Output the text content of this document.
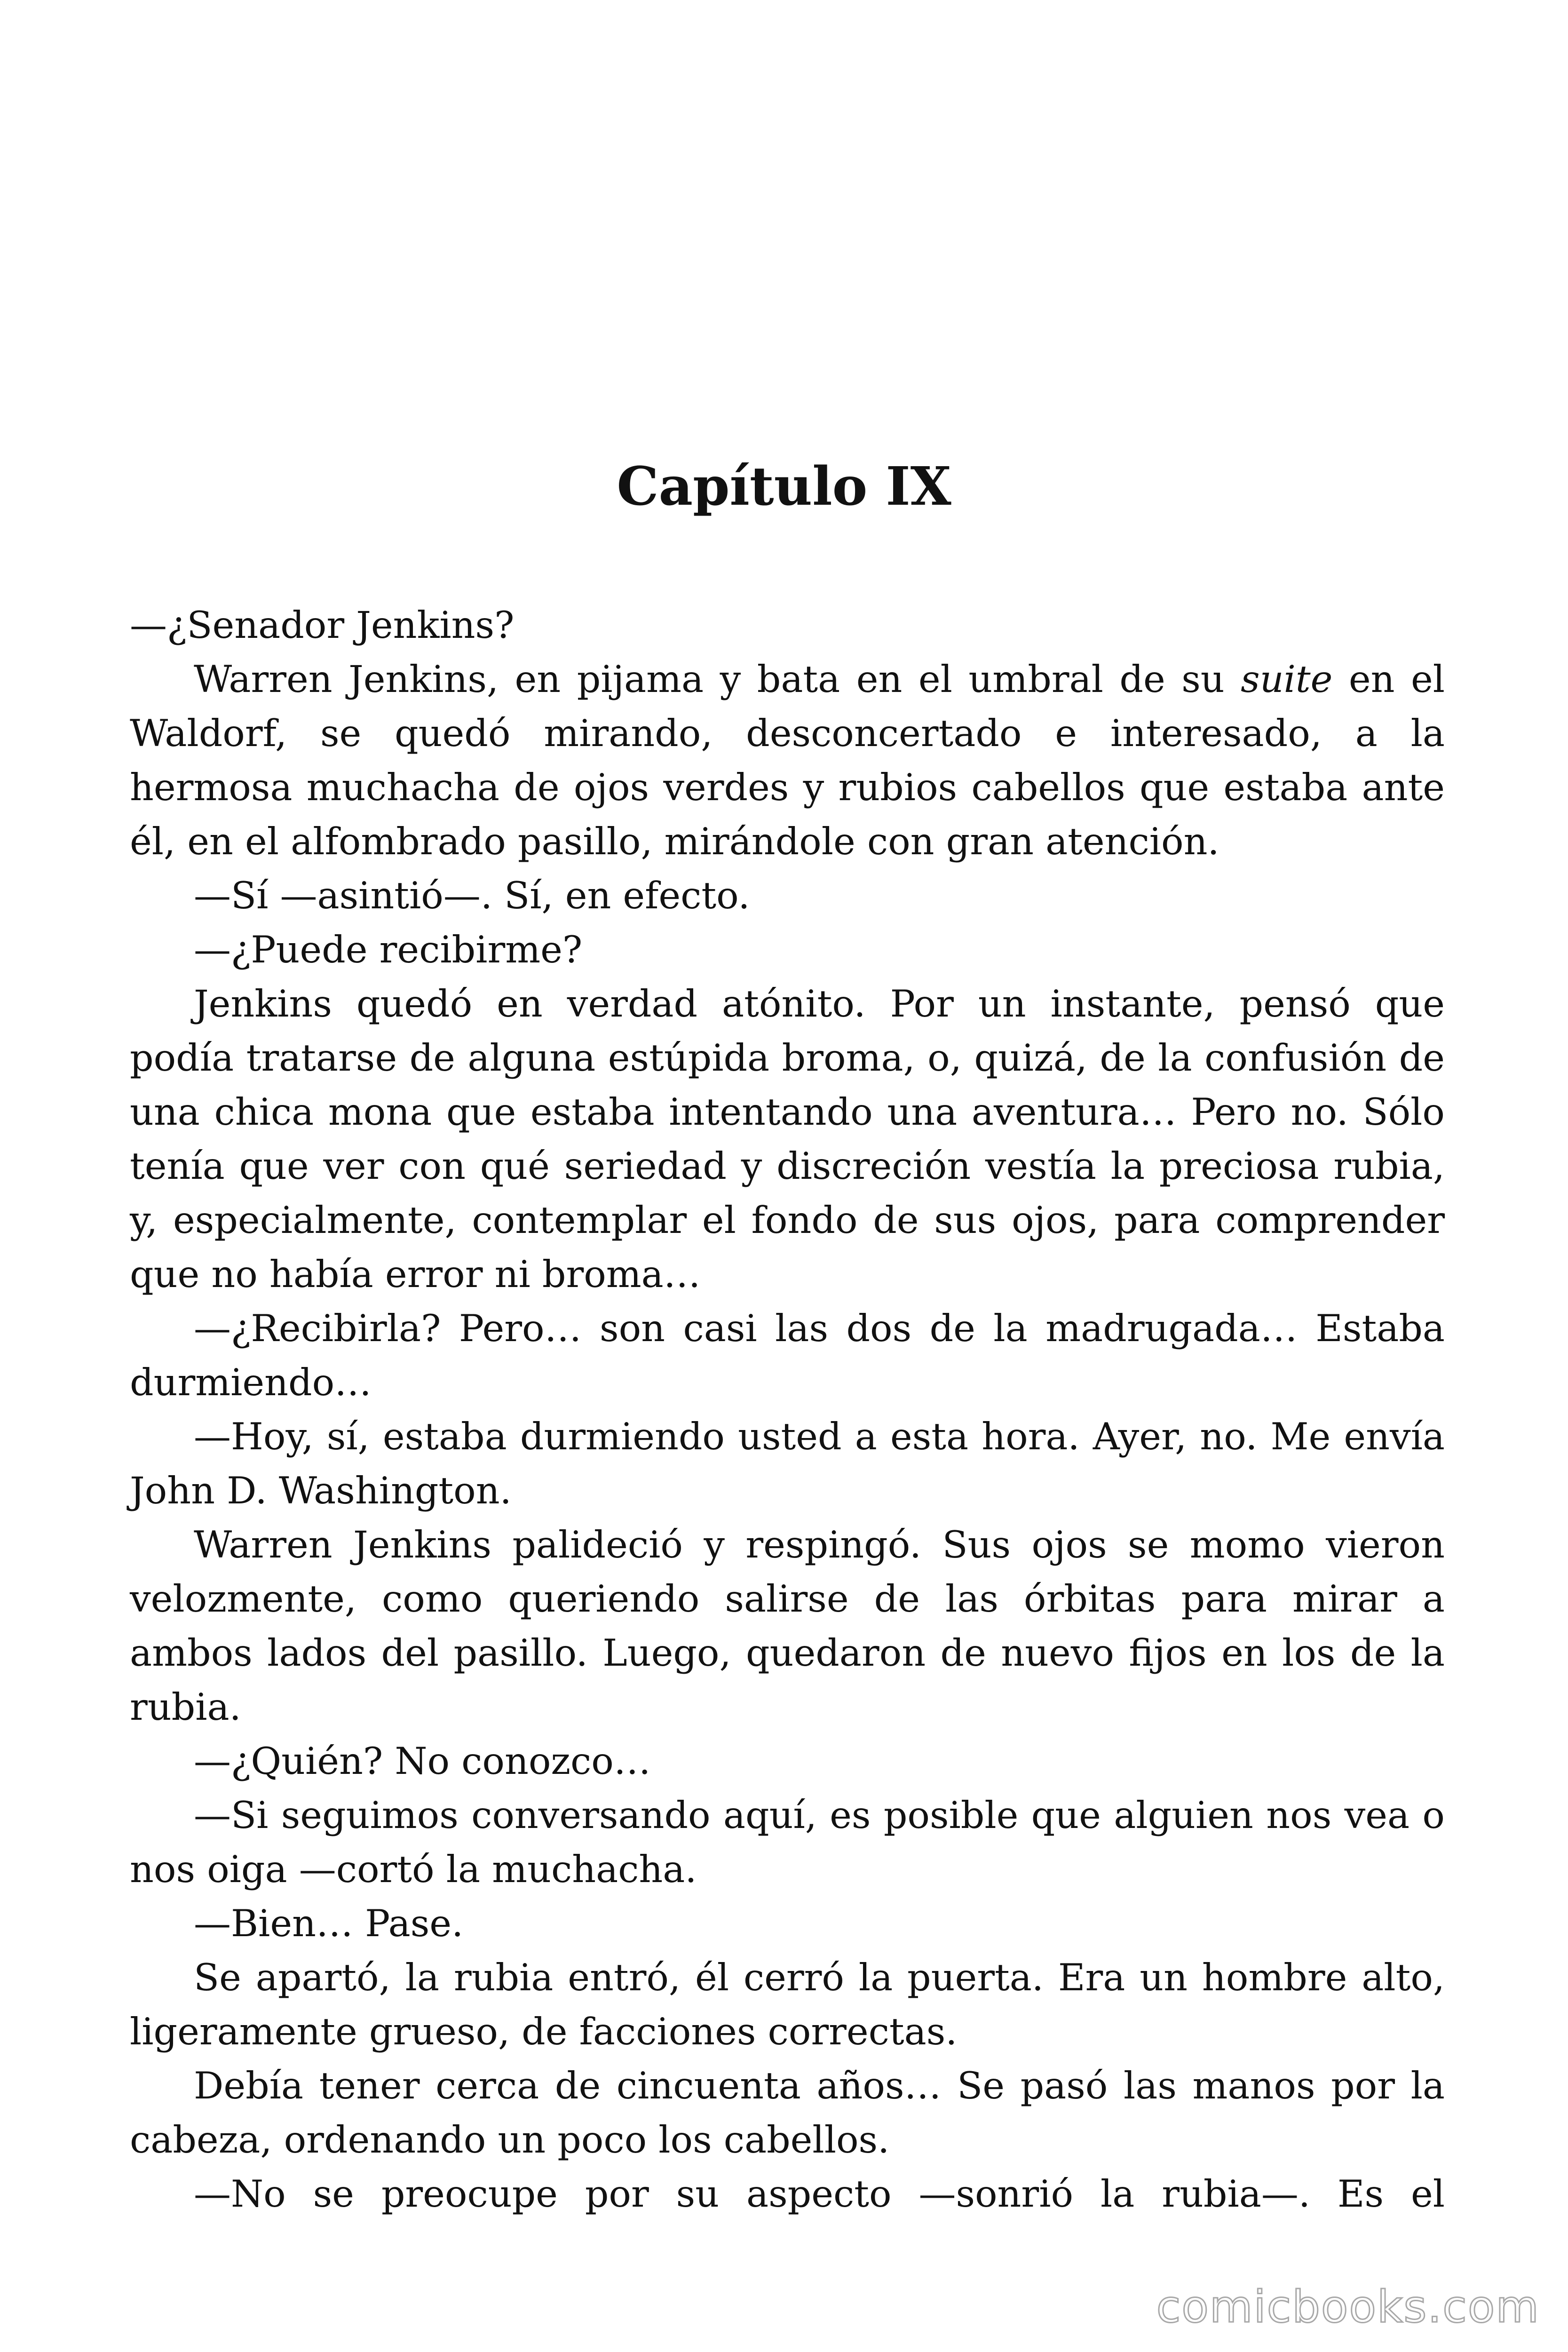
Capítulo IX

—¿Senador Jenkins?

Warren Jenkins, en pijama y bata en el umbral de su suite en el Waldorf, se quedó mirando, desconcertado e interesado, a la hermosa muchacha de ojos verdes y rubios cabellos que estaba ante él, en el alfombrado pasillo, mirándole con gran atención.

—Sí —asintió—. Sí, en efecto.

—¿Puede recibirme?

Jenkins quedó en verdad atónito. Por un instante, pensó que podía tratarse de alguna estúpida broma, o, quizá, de la confusión de una chica mona que estaba intentando una aventura… Pero no. Sólo tenía que ver con qué seriedad y discreción vestía la preciosa rubia, y, especialmente, contemplar el fondo de sus ojos, para comprender que no había error ni broma…

—¿Recibirla? Pero… son casi las dos de la madrugada… Estaba durmiendo…

—Hoy, sí, estaba durmiendo usted a esta hora. Ayer, no. Me envía John D. Washington.

Warren Jenkins palideció y respingó. Sus ojos se momo vieron velozmente, como queriendo salirse de las órbitas para mirar a ambos lados del pasillo. Luego, quedaron de nuevo fijos en los de la rubia.

—¿Quién? No conozco…

—Si seguimos conversando aquí, es posible que alguien nos vea o nos oiga —cortó la muchacha.

—Bien… Pase.

Se apartó, la rubia entró, él cerró la puerta. Era un hombre alto, ligeramente grueso, de facciones correctas.

Debía tener cerca de cincuenta años… Se pasó las manos por la cabeza, ordenando un poco los cabellos.

—No se preocupe por su aspecto —sonrió la rubia—. Es el

comicbooks.com
